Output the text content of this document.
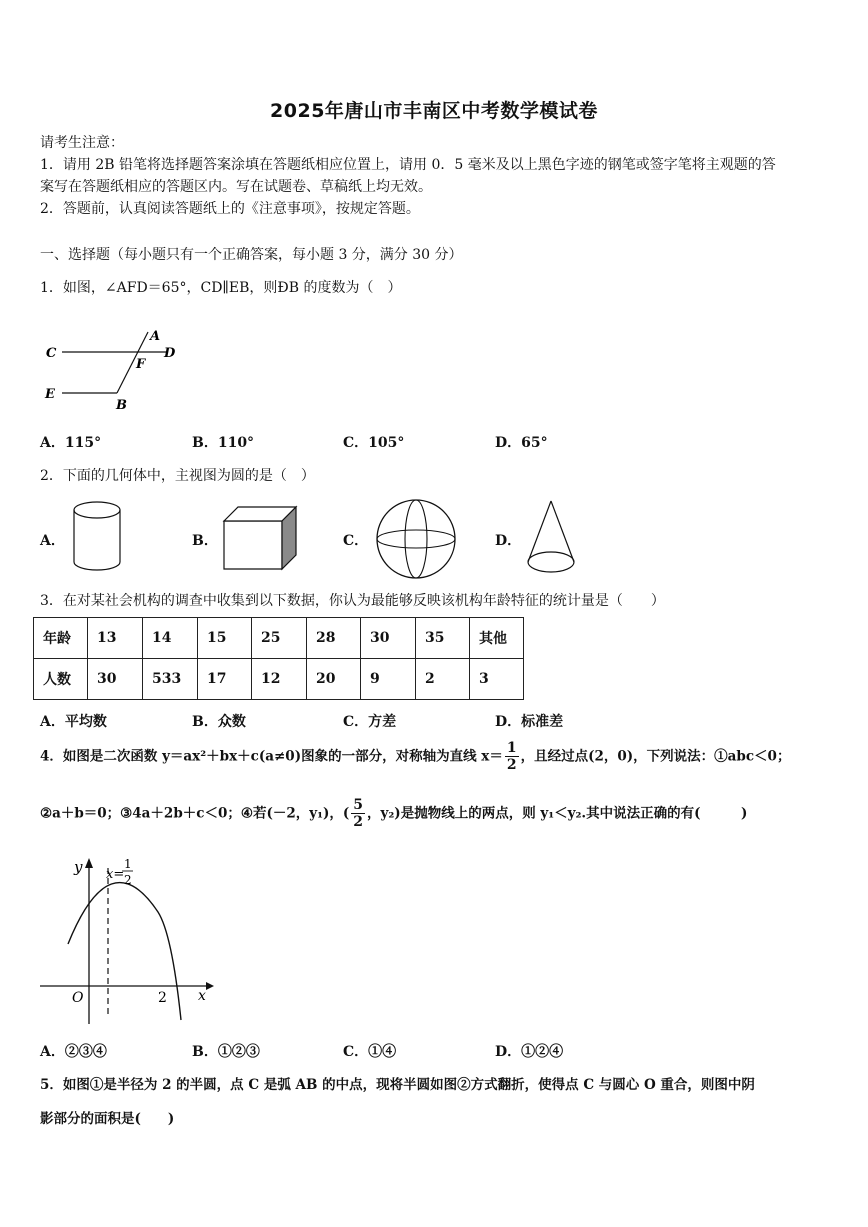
2025年唐山市丰南区中考数学模试卷
请考生注意：
1．请用 2B 铅笔将选择题答案涂填在答题纸相应位置上，请用 0．5 毫米及以上黑色字迹的钢笔或签字笔将主观题的答
案写在答题纸相应的答题区内。写在试题卷、草稿纸上均无效。
2．答题前，认真阅读答题纸上的《注意事项》，按规定答题。
一、选择题（每小题只有一个正确答案，每小题 3 分，满分 30 分）
1．如图，∠AFD＝65°，CD∥EB，则ÐB 的度数为（　）
A
C	D
F
E
B
A．115°	B．110°	C．105°	D．65°
2．下面的几何体中，主视图为圆的是（　）
A．	B．	C．	D．
3．在对某社会机构的调查中收集到以下数据，你认为最能够反映该机构年龄特征的统计量是（　　）
年龄	13	14	15	25	28	30	35	其他
人数	30	533	17	12	20	9	2	3
A．平均数	B．众数	C．方差	D．标准差
4．如图是二次函数 y＝ax²＋bx＋c(a≠0)图象的一部分，对称轴为直线 $x= \frac{1}{2}$ ，且经过点(2，0)，下列说法：①abc＜0；
②a＋b＝0；③4a＋2b＋c＜0；④若(－2，y₁)，( $\frac{5}{2}$ ，y₂)是抛物线上的两点，则 y₁＜y₂.其中说法正确的有(　　　)
y
x
O	2
x=
1
2
A．②③④	B．①②③	C．①④	D．①②④
5．如图①是半径为 2 的半圆，点 C 是弧 AB 的中点，现将半圆如图②方式翻折，使得点 C 与圆心 O 重合，则图中阴
影部分的面积是(　　)
